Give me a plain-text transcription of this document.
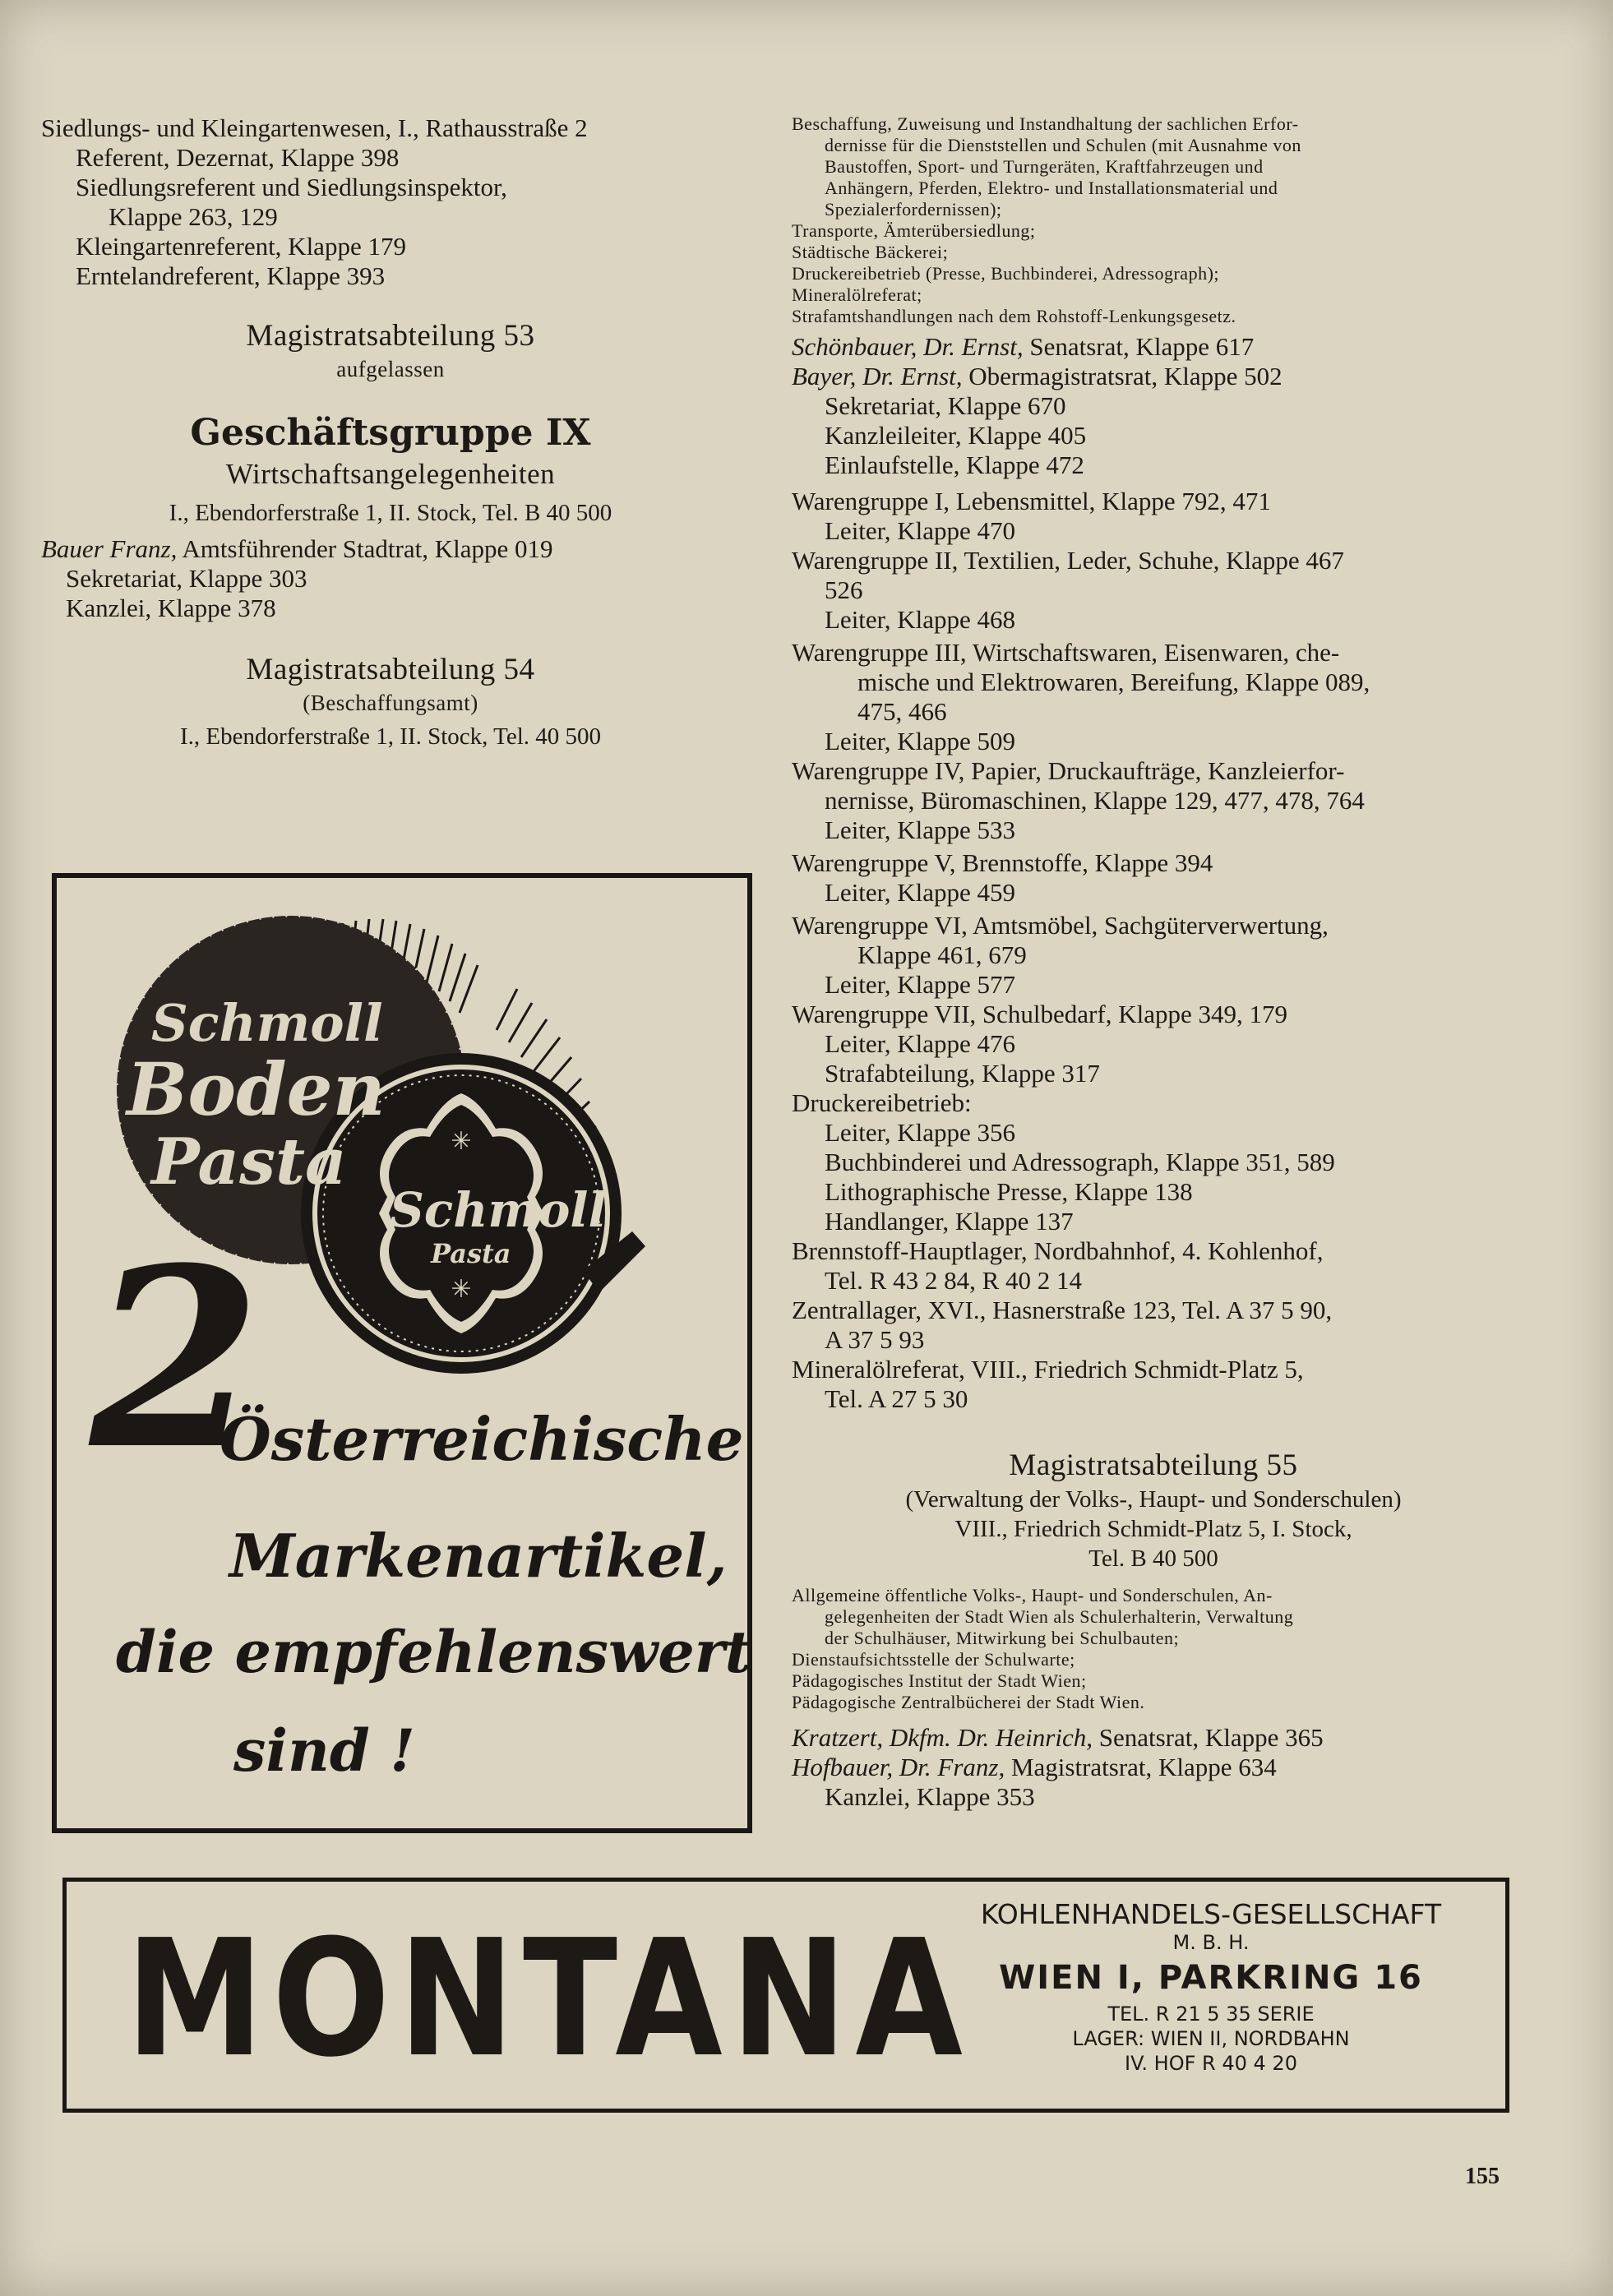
Siedlungs- und Kleingartenwesen, I., Rathausstraße 2
Referent, Dezernat, Klappe 398
Siedlungsreferent und Siedlungsinspektor,
Klappe 263, 129
Kleingartenreferent, Klappe 179
Erntelandreferent, Klappe 393
Magistratsabteilung 53
aufgelassen
Geschäftsgruppe IX
Wirtschaftsangelegenheiten
I., Ebendorferstraße 1, II. Stock, Tel. B 40 500
Bauer Franz, Amtsführender Stadtrat, Klappe 019
Sekretariat, Klappe 303
Kanzlei, Klappe 378
Magistratsabteilung 54
(Beschaffungsamt)
I., Ebendorferstraße 1, II. Stock, Tel. 40 500
✳
✳
2
Schmoll
Boden
Pasta
Schmoll
Pasta
Österreichische
Markenartikel,
die empfehlenswert
sind !
Beschaffung, Zuweisung und Instandhaltung der sachlichen Erfor-
dernisse für die Dienststellen und Schulen (mit Ausnahme von
Baustoffen, Sport- und Turngeräten, Kraftfahrzeugen und
Anhängern, Pferden, Elektro- und Installationsmaterial und
Spezialerfordernissen);
Transporte, Ämterübersiedlung;
Städtische Bäckerei;
Druckereibetrieb (Presse, Buchbinderei, Adressograph);
Mineralölreferat;
Strafamtshandlungen nach dem Rohstoff-Lenkungsgesetz.
Schönbauer, Dr. Ernst, Senatsrat, Klappe 617
Bayer, Dr. Ernst, Obermagistratsrat, Klappe 502
Sekretariat, Klappe 670
Kanzleileiter, Klappe 405
Einlaufstelle, Klappe 472
Warengruppe I, Lebensmittel, Klappe 792, 471
Leiter, Klappe 470
Warengruppe II, Textilien, Leder, Schuhe, Klappe 467
526
Leiter, Klappe 468
Warengruppe III, Wirtschaftswaren, Eisenwaren, che-
mische und Elektrowaren, Bereifung, Klappe 089,
475, 466
Leiter, Klappe 509
Warengruppe IV, Papier, Druckaufträge, Kanzleierfor-
nernisse, Büromaschinen, Klappe 129, 477, 478, 764
Leiter, Klappe 533
Warengruppe V, Brennstoffe, Klappe 394
Leiter, Klappe 459
Warengruppe VI, Amtsmöbel, Sachgüterverwertung,
Klappe 461, 679
Leiter, Klappe 577
Warengruppe VII, Schulbedarf, Klappe 349, 179
Leiter, Klappe 476
Strafabteilung, Klappe 317
Druckereibetrieb:
Leiter, Klappe 356
Buchbinderei und Adressograph, Klappe 351, 589
Lithographische Presse, Klappe 138
Handlanger, Klappe 137
Brennstoff-Hauptlager, Nordbahnhof, 4. Kohlenhof,
Tel. R 43 2 84, R 40 2 14
Zentrallager, XVI., Hasnerstraße 123, Tel. A 37 5 90,
A 37 5 93
Mineralölreferat, VIII., Friedrich Schmidt-Platz 5,
Tel. A 27 5 30
Magistratsabteilung 55
(Verwaltung der Volks-, Haupt- und Sonderschulen)
VIII., Friedrich Schmidt-Platz 5, I. Stock,
Tel. B 40 500
Allgemeine öffentliche Volks-, Haupt- und Sonderschulen, An-
gelegenheiten der Stadt Wien als Schulerhalterin, Verwaltung
der Schulhäuser, Mitwirkung bei Schulbauten;
Dienstaufsichtsstelle der Schulwarte;
Pädagogisches Institut der Stadt Wien;
Pädagogische Zentralbücherei der Stadt Wien.
Kratzert, Dkfm. Dr. Heinrich, Senatsrat, Klappe 365
Hofbauer, Dr. Franz, Magistratsrat, Klappe 634
Kanzlei, Klappe 353
MONTANA KOHLENHANDELS-GESELLSCHAFT
M. B. H.
WIEN I, PARKRING 16
TEL. R 21 5 35 SERIE
LAGER: WIEN II, NORDBAHN
IV. HOF R 40 4 20
155
